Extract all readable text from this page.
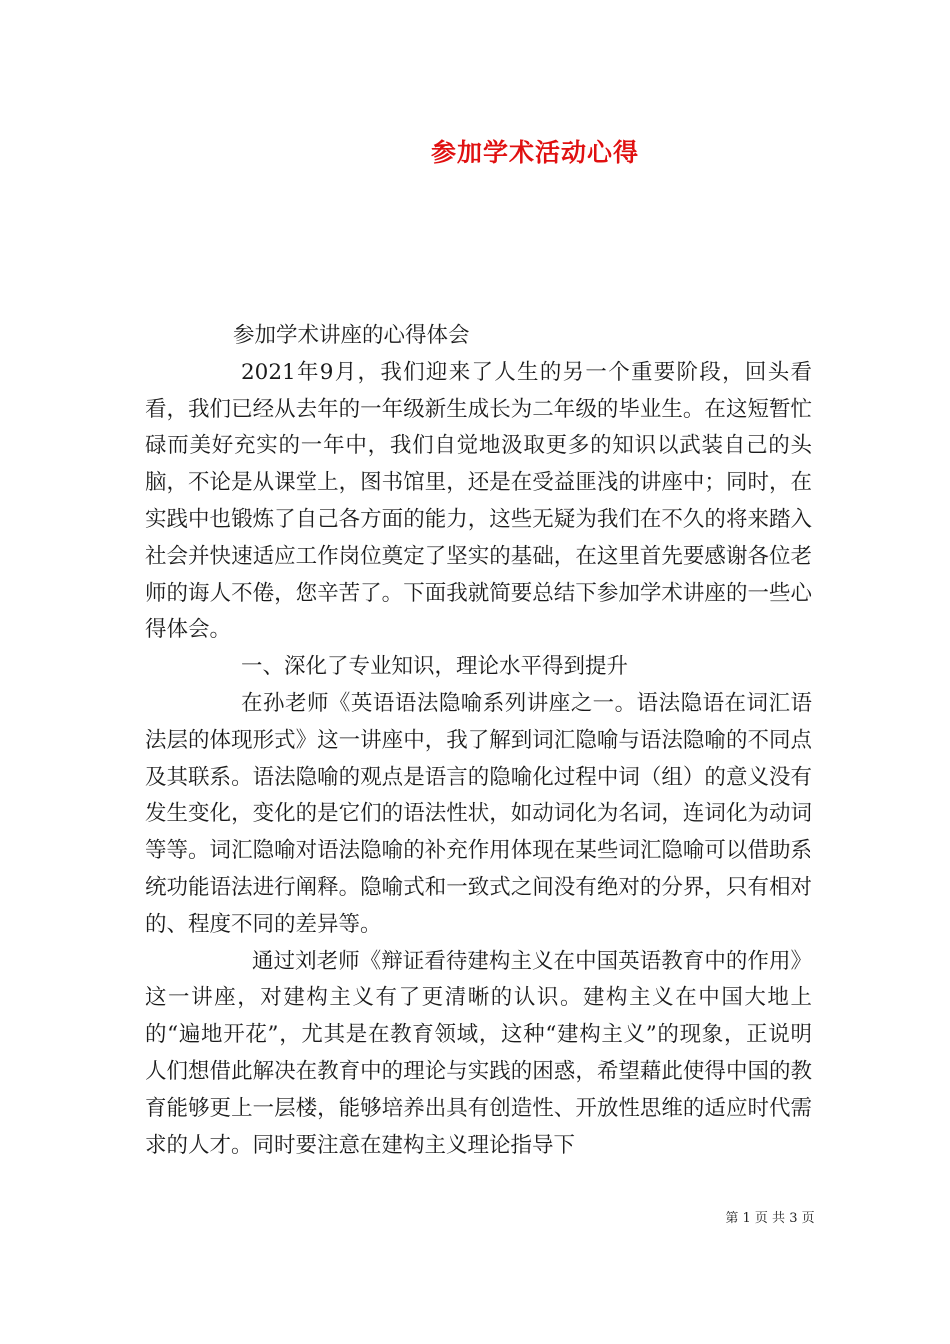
参加学术活动心得

参加学术讲座的心得体会

2021年9月，我们迎来了人生的另一个重要阶段，回头看看，我们已经从去年的一年级新生成长为二年级的毕业生。在这短暂忙碌而美好充实的一年中，我们自觉地汲取更多的知识以武装自己的头脑，不论是从课堂上，图书馆里，还是在受益匪浅的讲座中；同时，在实践中也锻炼了自己各方面的能力，这些无疑为我们在不久的将来踏入社会并快速适应工作岗位奠定了坚实的基础，在这里首先要感谢各位老师的诲人不倦，您辛苦了。下面我就简要总结下参加学术讲座的一些心得体会。

一、深化了专业知识，理论水平得到提升

在孙老师《英语语法隐喻系列讲座之一。语法隐语在词汇语法层的体现形式》这一讲座中，我了解到词汇隐喻与语法隐喻的不同点及其联系。语法隐喻的观点是语言的隐喻化过程中词（组）的意义没有发生变化，变化的是它们的语法性状，如动词化为名词，连词化为动词等等。词汇隐喻对语法隐喻的补充作用体现在某些词汇隐喻可以借助系统功能语法进行阐释。隐喻式和一致式之间没有绝对的分界，只有相对的、程度不同的差异等。

通过刘老师《辩证看待建构主义在中国英语教育中的作用》这一讲座，对建构主义有了更清晰的认识。建构主义在中国大地上的“遍地开花”，尤其是在教育领域，这种“建构主义”的现象，正说明人们想借此解决在教育中的理论与实践的困惑，希望藉此使得中国的教育能够更上一层楼，能够培养出具有创造性、开放性思维的适应时代需求的人才。同时要注意在建构主义理论指导下

第 1 页 共 3 页
